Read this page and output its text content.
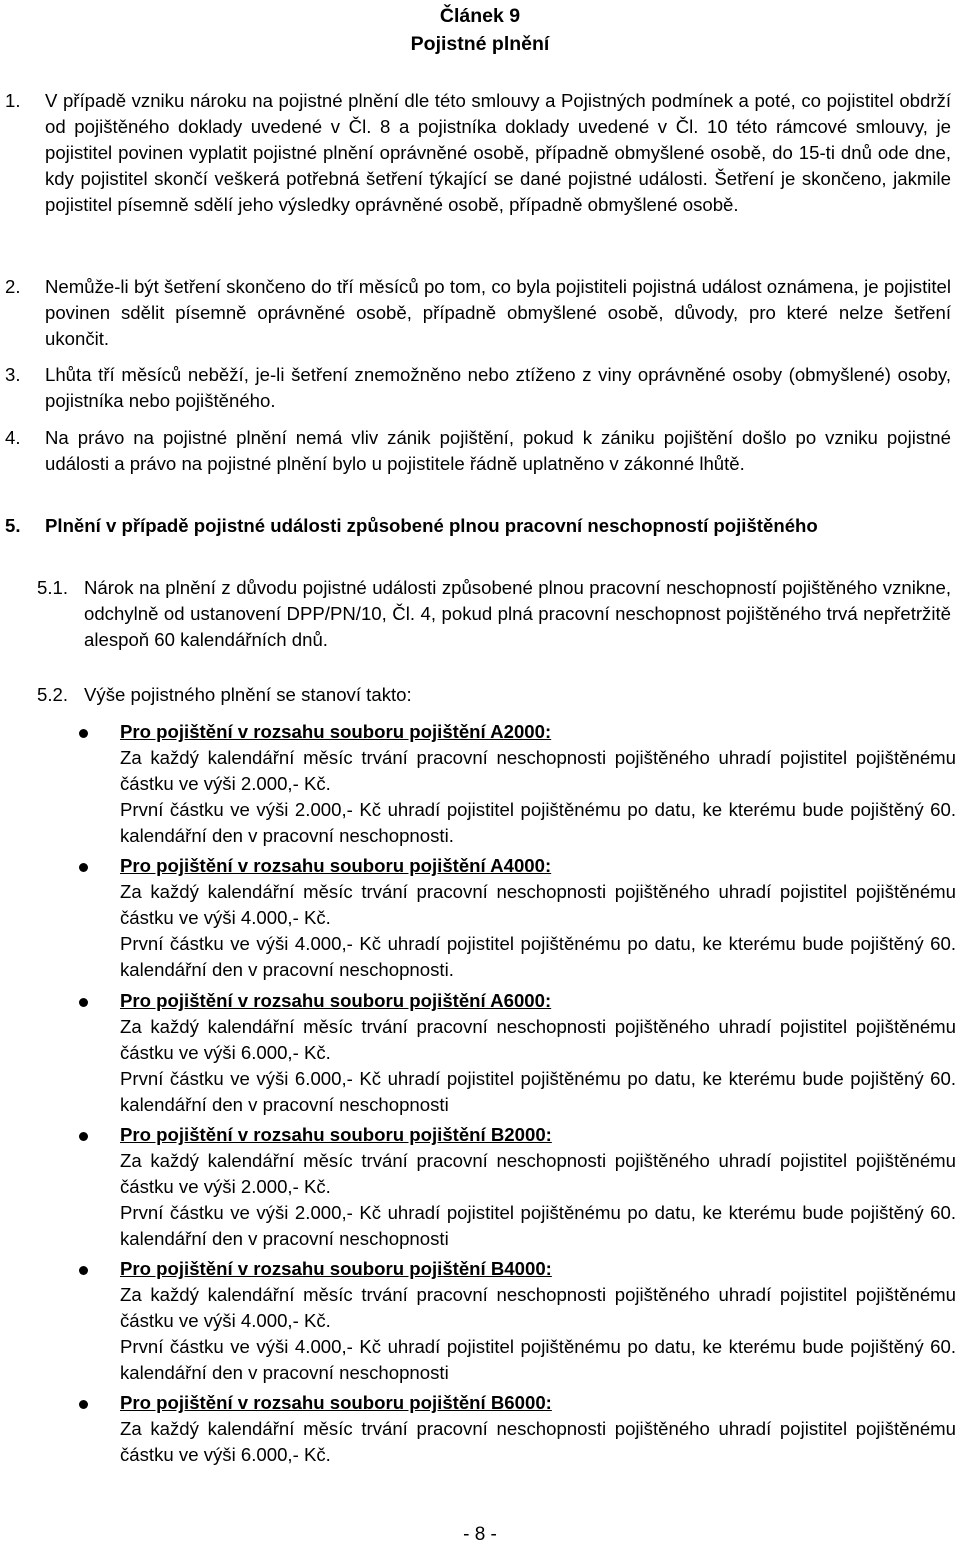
Článek 9
Pojistné plnění
1. V případě vzniku nároku na pojistné plnění dle této smlouvy a Pojistných podmínek a poté, co pojistitel obdrží od pojištěného doklady uvedené v Čl. 8 a pojistníka doklady uvedené v Čl. 10 této rámcové smlouvy, je pojistitel povinen vyplatit pojistné plnění oprávněné osobě, případně obmyšlené osobě, do 15-ti dnů ode dne, kdy pojistitel skončí veškerá potřebná šetření týkající se dané pojistné události. Šetření je skončeno, jakmile pojistitel písemně sdělí jeho výsledky oprávněné osobě, případně obmyšlené osobě.
2. Nemůže-li být šetření skončeno do tří měsíců po tom, co byla pojistiteli pojistná událost oznámena, je pojistitel povinen sdělit písemně oprávněné osobě, případně obmyšlené osobě, důvody, pro které nelze šetření ukončit.
3. Lhůta tří měsíců neběží, je-li šetření znemožněno nebo ztíženo z viny oprávněné osoby (obmyšlené) osoby, pojistníka nebo pojištěného.
4. Na právo na pojistné plnění nemá vliv zánik pojištění, pokud k zániku pojištění došlo po vzniku pojistné události a právo na pojistné plnění bylo u pojistitele řádně uplatněno v zákonné lhůtě.
5. Plnění v případě pojistné události způsobené plnou pracovní neschopností pojištěného
5.1. Nárok na plnění z důvodu pojistné události způsobené plnou pracovní neschopností pojištěného vznikne, odchylně od ustanovení DPP/PN/10, Čl. 4, pokud plná pracovní neschopnost pojištěného trvá nepřetržitě alespoň 60 kalendářních dnů.
5.2. Výše pojistného plnění se stanoví takto:
Pro pojištění v rozsahu souboru pojištění A2000:
Za každý kalendářní měsíc trvání pracovní neschopnosti pojištěného uhradí pojistitel pojištěnému částku ve výši 2.000,- Kč.
První částku ve výši 2.000,- Kč uhradí pojistitel pojištěnému po datu, ke kterému bude pojištěný 60. kalendářní den v pracovní neschopnosti.
Pro pojištění v rozsahu souboru pojištění A4000:
Za každý kalendářní měsíc trvání pracovní neschopnosti pojištěného uhradí pojistitel pojištěnému částku ve výši 4.000,- Kč.
První částku ve výši 4.000,- Kč uhradí pojistitel pojištěnému po datu, ke kterému bude pojištěný 60. kalendářní den v pracovní neschopnosti.
Pro pojištění v rozsahu souboru pojištění A6000:
Za každý kalendářní měsíc trvání pracovní neschopnosti pojištěného uhradí pojistitel pojištěnému částku ve výši 6.000,- Kč.
První částku ve výši 6.000,- Kč uhradí pojistitel pojištěnému po datu, ke kterému bude pojištěný 60. kalendářní den v pracovní neschopnosti
Pro pojištění v rozsahu souboru pojištění B2000:
Za každý kalendářní měsíc trvání pracovní neschopnosti pojištěného uhradí pojistitel pojištěnému částku ve výši 2.000,- Kč.
První částku ve výši 2.000,- Kč uhradí pojistitel pojištěnému po datu, ke kterému bude pojištěný 60. kalendářní den v pracovní neschopnosti
Pro pojištění v rozsahu souboru pojištění B4000:
Za každý kalendářní měsíc trvání pracovní neschopnosti pojištěného uhradí pojistitel pojištěnému částku ve výši 4.000,- Kč.
První částku ve výši 4.000,- Kč uhradí pojistitel pojištěnému po datu, ke kterému bude pojištěný 60. kalendářní den v pracovní neschopnosti
Pro pojištění v rozsahu souboru pojištění B6000:
Za každý kalendářní měsíc trvání pracovní neschopnosti pojištěného uhradí pojistitel pojištěnému částku ve výši 6.000,- Kč.
- 8 -
